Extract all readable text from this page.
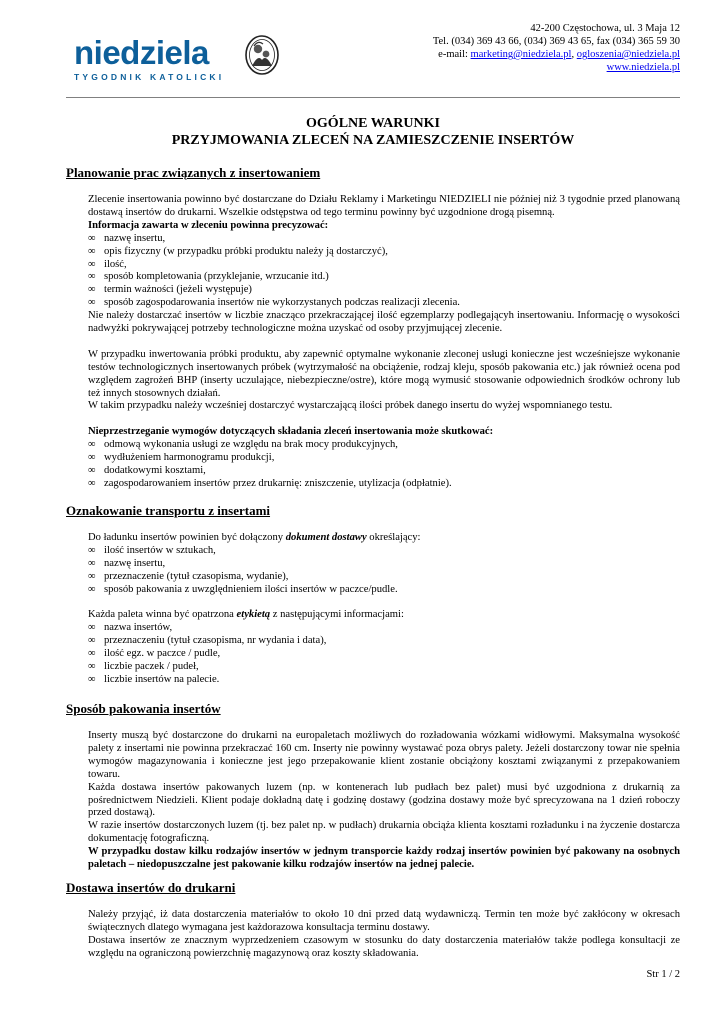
niedziela
TYGODNIK KATOLICKI
42-200 Częstochowa, ul. 3 Maja 12
Tel. (034) 369 43 66, (034) 369 43 65, fax (034) 365 59 30
e-mail: marketing@niedziela.pl, ogloszenia@niedziela.pl
www.niedziela.pl
OGÓLNE WARUNKI
PRZYJMOWANIA ZLECEŃ NA ZAMIESZCZENIE INSERTÓW
Planowanie prac związanych z insertowaniem

Zlecenie insertowania powinno być dostarczane do Działu Reklamy i Marketingu NIEDZIELI nie później niż 3 tygodnie przed planowaną dostawą insertów do drukarni. Wszelkie odstępstwa od tego terminu powinny być uzgodnione drogą pisemną.

Informacja zawarta w zleceniu powinna precyzować:

∞ nazwę insertu,
∞ opis fizyczny (w przypadku próbki produktu należy ją dostarczyć),
∞ ilość,
∞ sposób kompletowania (przyklejanie, wrzucanie itd.)
∞ termin ważności (jeżeli występuje)
∞ sposób zagospodarowania insertów nie wykorzystanych podczas realizacji zlecenia.

Nie należy dostarczać insertów w liczbie znacząco przekraczającej ilość egzemplarzy podlegającyh insertowaniu. Informację o wysokości nadwyżki pokrywającej potrzeby technologiczne można uzyskać od osoby przyjmującej zlecenie.

W przypadku inwertowania próbki produktu, aby zapewnić optymalne wykonanie zleconej usługi konieczne jest wcześniejsze wykonanie testów technologicznych insertowanych próbek (wytrzymałość na obciążenie, rodzaj kleju, sposób pakowania etc.) jak również ocena pod względem zagrożeń BHP (inserty uczulające, niebezpieczne/ostre), które mogą wymusić stosowanie odpowiednich środków ochrony lub też innych stosownych działań.

W takim przypadku należy wcześniej dostarczyć wystarczającą ilości próbek danego insertu do wyżej wspomnianego testu.

Nieprzestrzeganie wymogów dotyczących składania zleceń insertowania może skutkować:

∞ odmową wykonania usługi ze względu na brak mocy produkcyjnych,
∞ wydłużeniem harmonogramu produkcji,
∞ dodatkowymi kosztami,
∞ zagospodarowaniem insertów przez drukarnię: zniszczenie, utylizacja (odpłatnie).
Oznakowanie transportu z insertami

Do ładunku insertów powinien być dołączony dokument dostawy określający:

∞ ilość insertów w sztukach,
∞ nazwę insertu,
∞ przeznaczenie (tytuł czasopisma, wydanie),
∞ sposób pakowania z uwzględnieniem ilości insertów w paczce/pudle.

Każda paleta winna być opatrzona etykietą z następującymi informacjami:

∞ nazwa insertów,
∞ przeznaczeniu (tytuł czasopisma, nr wydania i data),
∞ ilość egz. w paczce / pudle,
∞ liczbie paczek / pudeł,
∞ liczbie insertów na palecie.
Sposób pakowania insertów

Inserty muszą być dostarczone do drukarni na europaletach możliwych do rozładowania wózkami widłowymi. Maksymalna wysokość palety z insertami nie powinna przekraczać 160 cm. Inserty nie powinny wystawać poza obrys palety. Jeżeli dostarczony towar nie spełnia wymogów magazynowania i konieczne jest jego przepakowanie klient zostanie obciążony kosztami związanymi z przepakowaniem towaru.

Każda dostawa insertów pakowanych luzem (np. w kontenerach lub pudłach bez palet) musi być uzgodniona z drukarnią za pośrednictwem Niedzieli. Klient podaje dokładną datę i godzinę dostawy (godzina dostawy może być sprecyzowana na 1 dzień roboczy przed dostawą).

W razie insertów dostarczonych luzem (tj. bez palet np. w pudłach) drukarnia obciąża klienta kosztami rozładunku i na życzenie dostarcza dokumentację fotograficzną.

W przypadku dostaw kilku rodzajów insertów w jednym transporcie każdy rodzaj insertów powinien być pakowany na osobnych paletach – niedopuszczalne jest pakowanie kilku rodzajów insertów na jednej palecie.

Dostawa insertów do drukarni

Należy przyjąć, iż data dostarczenia materiałów to około 10 dni przed datą wydawniczą. Termin ten może być zakłócony w okresach świątecznych dlatego wymagana jest każdorazowa konsultacja terminu dostawy.

Dostawa insertów ze znacznym wyprzedzeniem czasowym w stosunku do daty dostarczenia materiałów także podlega konsultacji ze względu na ograniczoną powierzchnię magazynową oraz koszty składowania.

Str 1 / 2
